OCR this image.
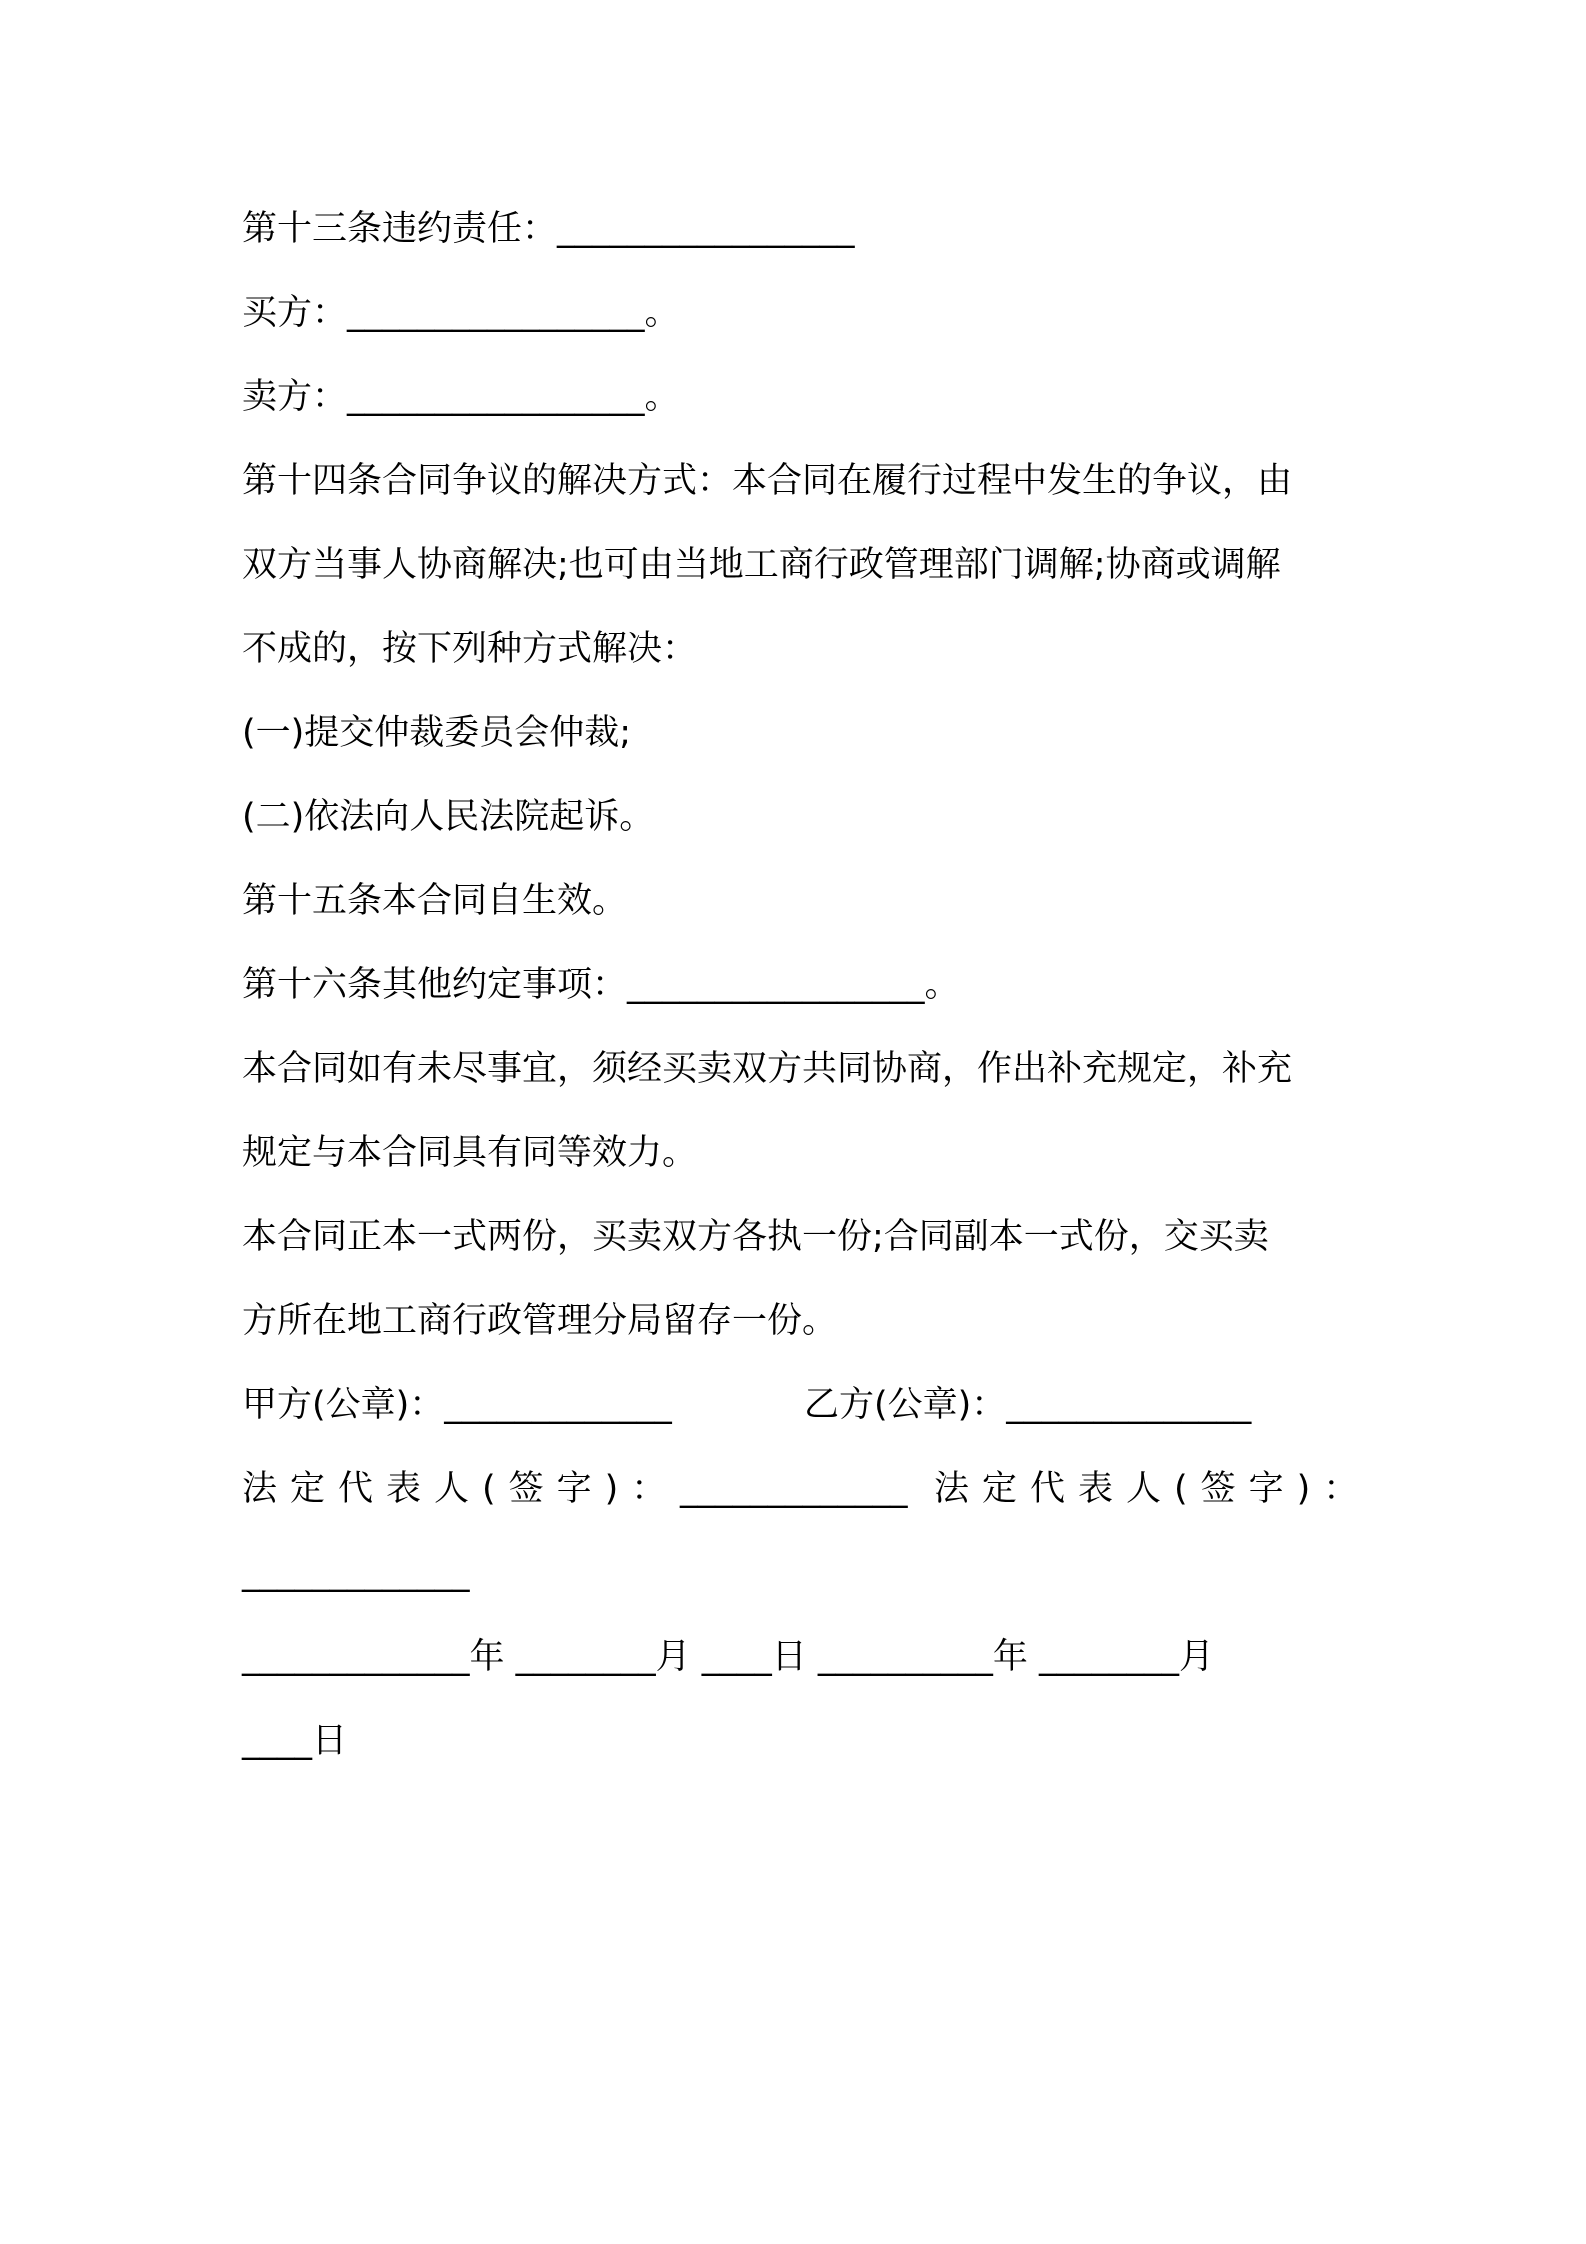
第十三条违约责任：_________________
买方：_________________。
卖方：_________________。
第十四条合同争议的解决方式：本合同在履行过程中发生的争议，由
双方当事人协商解决;也可由当地工商行政管理部门调解;协商或调解
不成的，按下列种方式解决：
(一)提交仲裁委员会仲裁;
(二)依法向人民法院起诉。
第十五条本合同自生效。
第十六条其他约定事项：_________________。
本合同如有未尽事宜，须经买卖双方共同协商，作出补充规定，补充
规定与本合同具有同等效力。
本合同正本一式两份，买卖双方各执一份;合同副本一式份，交买卖
方所在地工商行政管理分局留存一份。
甲方(公章)：_____________	乙方(公章)：______________
法定代表人(签字)： _____________ 法定代表人(签字)：
_____________
_____________年 ________月 ____日 __________年 ________月
____日
